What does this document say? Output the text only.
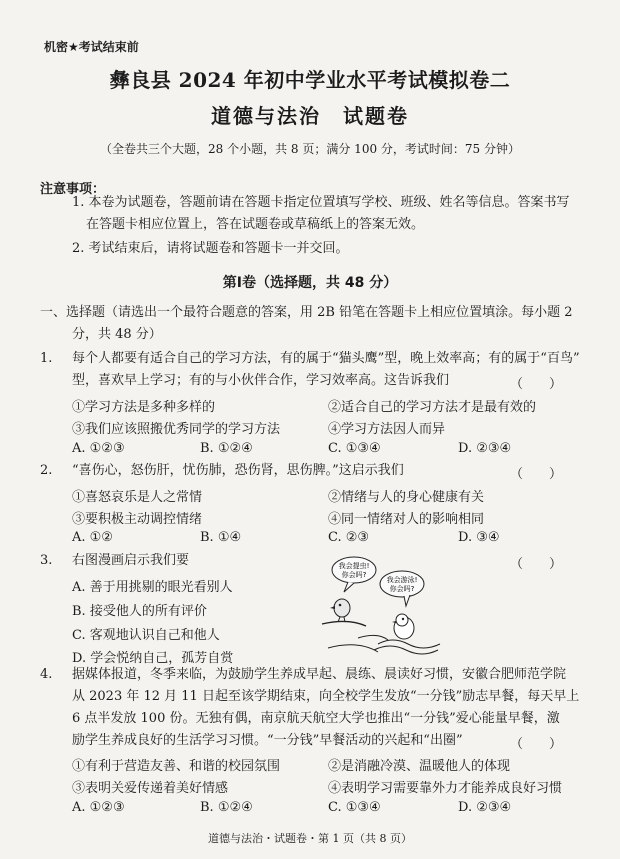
机密★考试结束前
彝良县 2024 年初中学业水平考试模拟卷二
道德与法治　试题卷
（全卷共三个大题，28 个小题，共 8 页；满分 100 分，考试时间：75 分钟）
注意事项：
1. 本卷为试题卷，答题前请在答题卡指定位置填写学校、班级、姓名等信息。答案书写
在答题卡相应位置上，答在试题卷或草稿纸上的答案无效。
2. 考试结束后，请将试题卷和答题卡一并交回。
第Ⅰ卷（选择题，共 48 分）
一、选择题（请选出一个最符合题意的答案，用 2B 铅笔在答题卡上相应位置填涂。每小题 2
分，共 48 分）
1. 每个人都要有适合自己的学习方法，有的属于“猫头鹰”型，晚上效率高；有的属于“百鸟”
型，喜欢早上学习；有的与小伙伴合作，学习效率高。这告诉我们	（　　）
①学习方法是多种多样的	②适合自己的学习方法才是最有效的
③我们应该照搬优秀同学的学习方法	④学习方法因人而异
A. ①②③	B. ①②④	C. ①③④	D. ②③④
2. “喜伤心，怒伤肝，忧伤肺，恐伤肾，思伤脾。”这启示我们	（　　）
①喜怒哀乐是人之常情	②情绪与人的身心健康有关
③要积极主动调控情绪	④同一情绪对人的影响相同
A. ①②	B. ①④	C. ②③	D. ③④
3. 右图漫画启示我们要	（　　）
A. 善于用挑剔的眼光看别人
B. 接受他人的所有评价
C. 客观地认识自己和他人
D. 学会悦纳自己，孤芳自赏
我会提虫!
你会吗?
我会游泳!
你会吗?
4. 据媒体报道，冬季来临，为鼓励学生养成早起、晨练、晨读好习惯，安徽合肥师范学院
从 2023 年 12 月 11 日起至该学期结束，向全校学生发放“一分钱”励志早餐，每天早上
6 点半发放 100 份。无独有偶，南京航天航空大学也推出“一分钱”爱心能量早餐，激
励学生养成良好的生活学习习惯。“一分钱”早餐活动的兴起和“出圈”	（　　）
①有利于营造友善、和谐的校园氛围	②是消融冷漠、温暖他人的体现
③表明关爱传递着美好情感	④表明学习需要靠外力才能养成良好习惯
A. ①②③	B. ①②④	C. ①③④	D. ②③④
道德与法治・试题卷・第 1 页（共 8 页）
